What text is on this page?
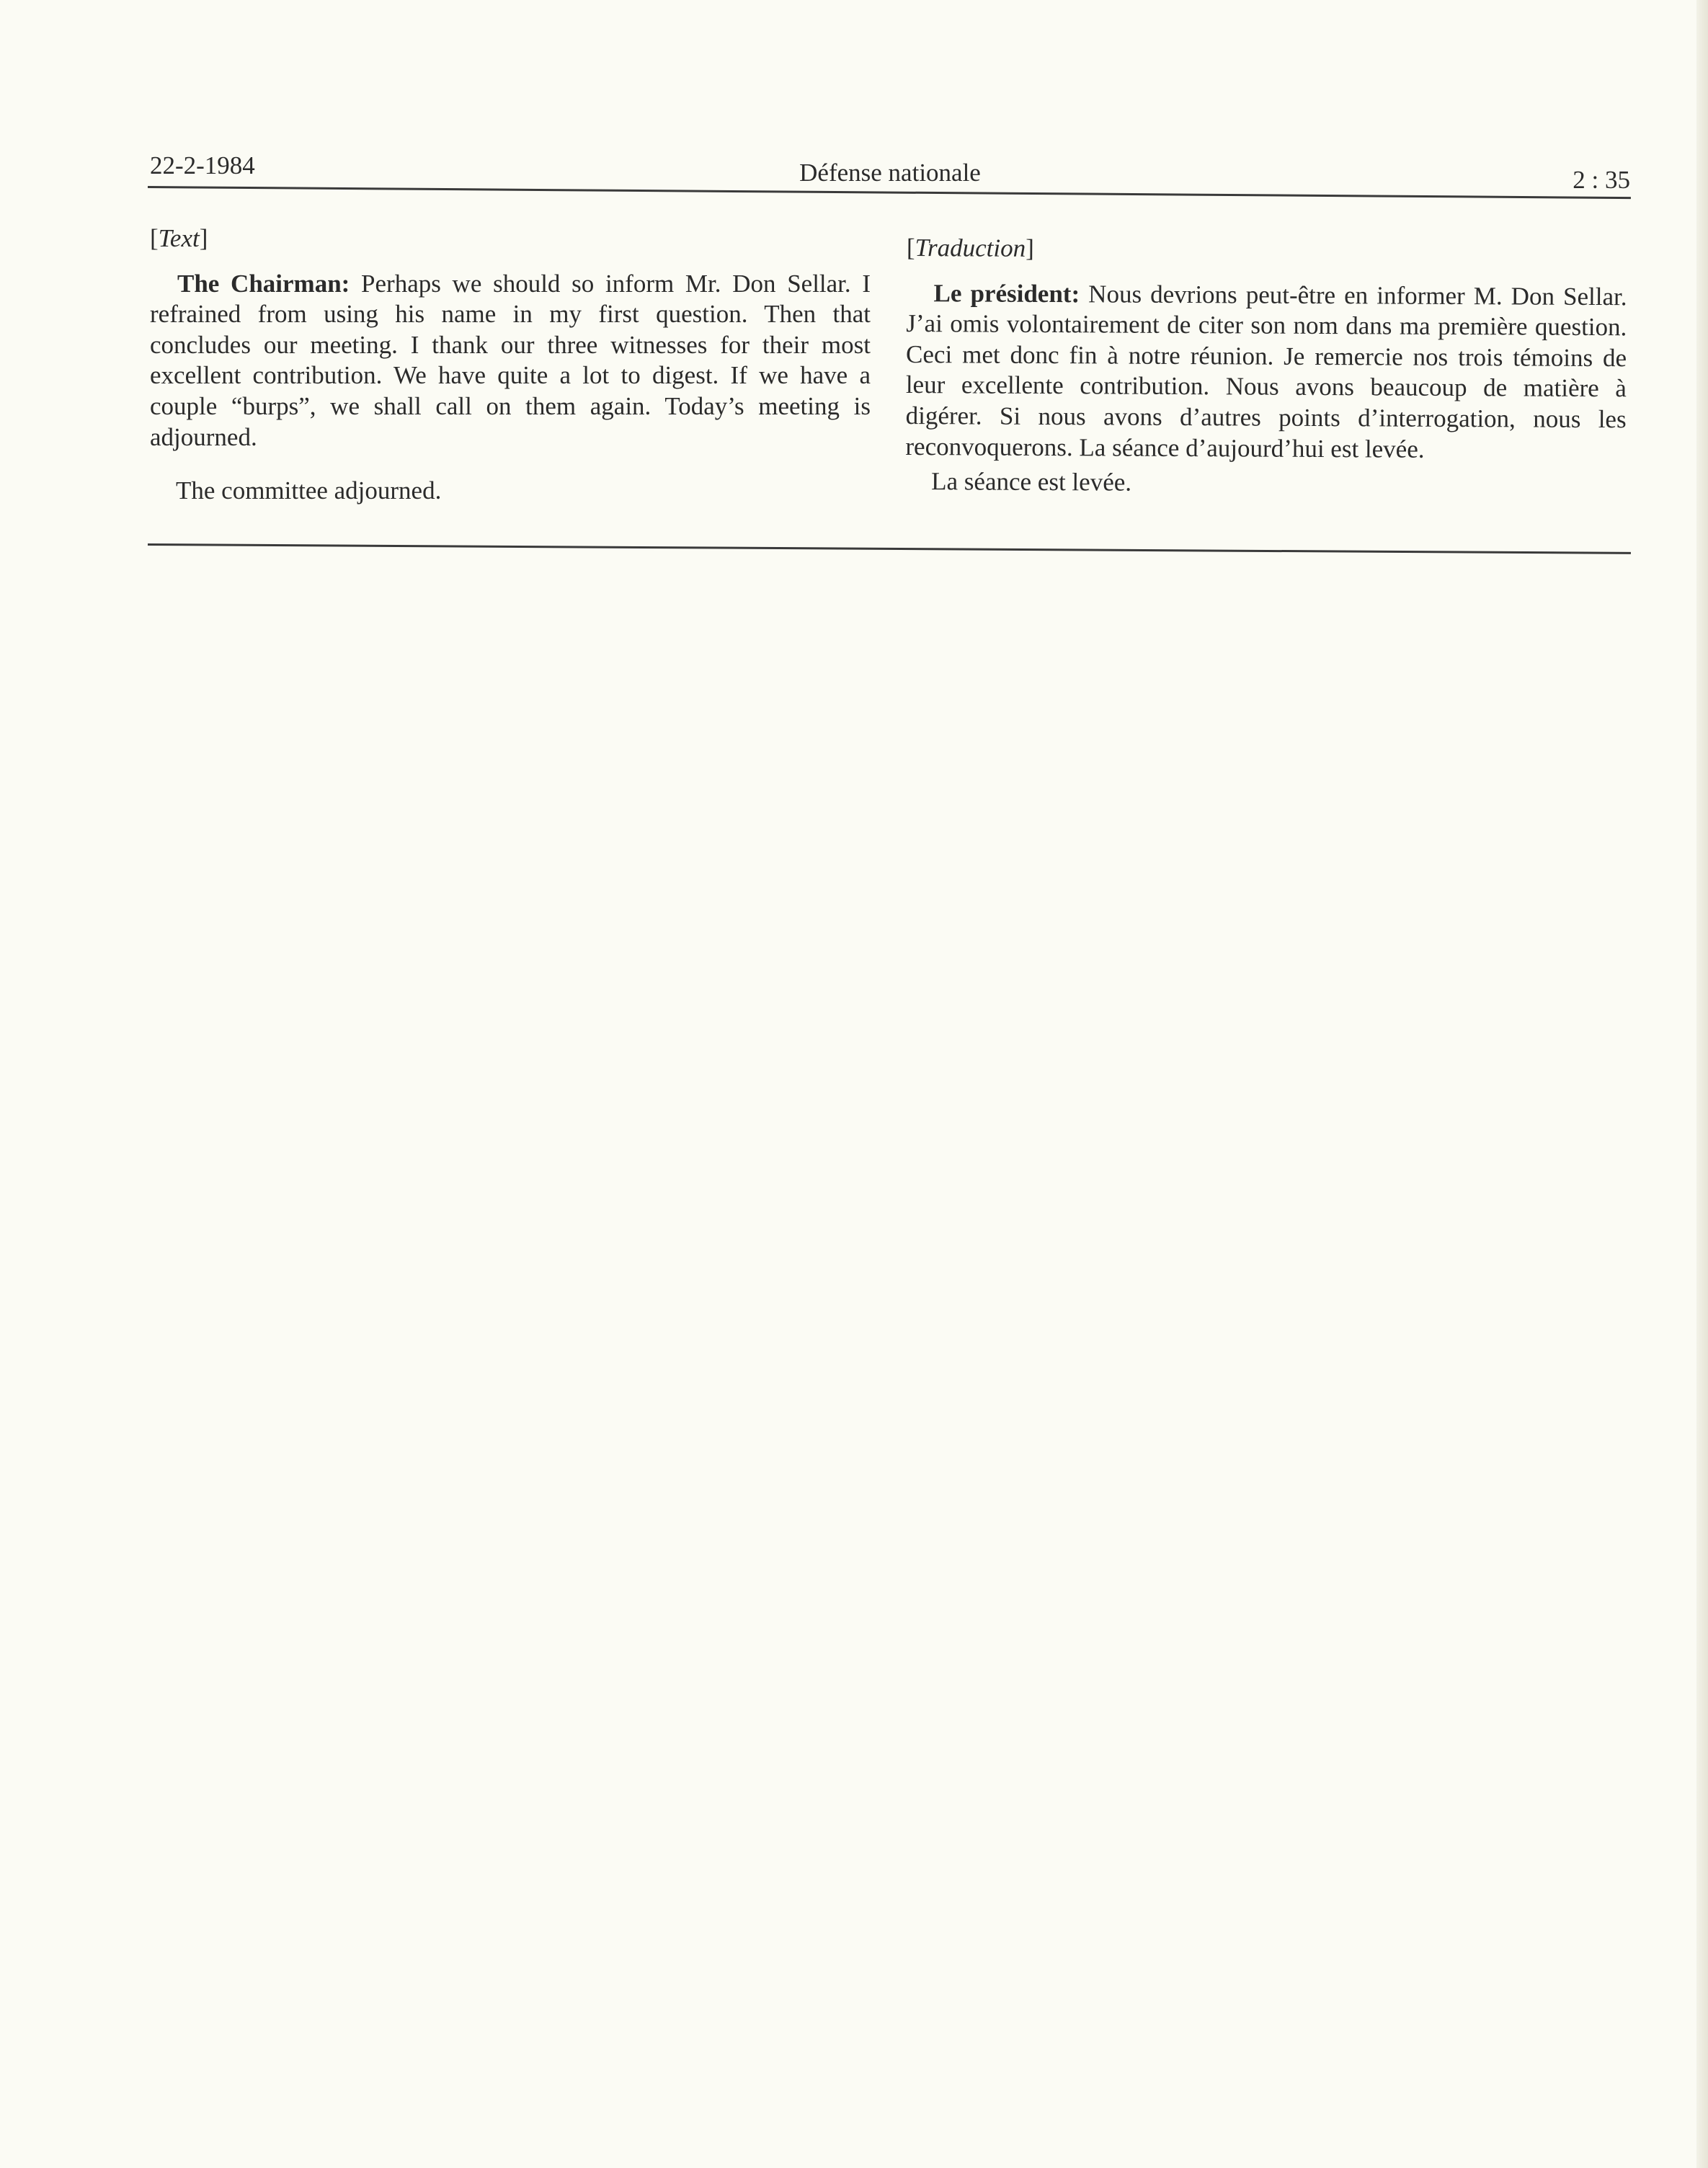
22-2-1984	Défense nationale	2 : 35

[Text]

The Chairman: Perhaps we should so inform Mr. Don Sellar. I refrained from using his name in my first question. Then that concludes our meeting. I thank our three witnesses for their most excellent contribution. We have quite a lot to digest. If we have a couple “burps”, we shall call on them again. Today’s meeting is adjourned.

The committee adjourned.

[Traduction]

Le président: Nous devrions peut-être en informer M. Don Sellar. J’ai omis volontairement de citer son nom dans ma première question. Ceci met donc fin à notre réunion. Je remercie nos trois témoins de leur excellente contribution. Nous avons beaucoup de matière à digérer. Si nous avons d’autres points d’interrogation, nous les reconvoquerons. La séance d’aujourd’hui est levée.

La séance est levée.
